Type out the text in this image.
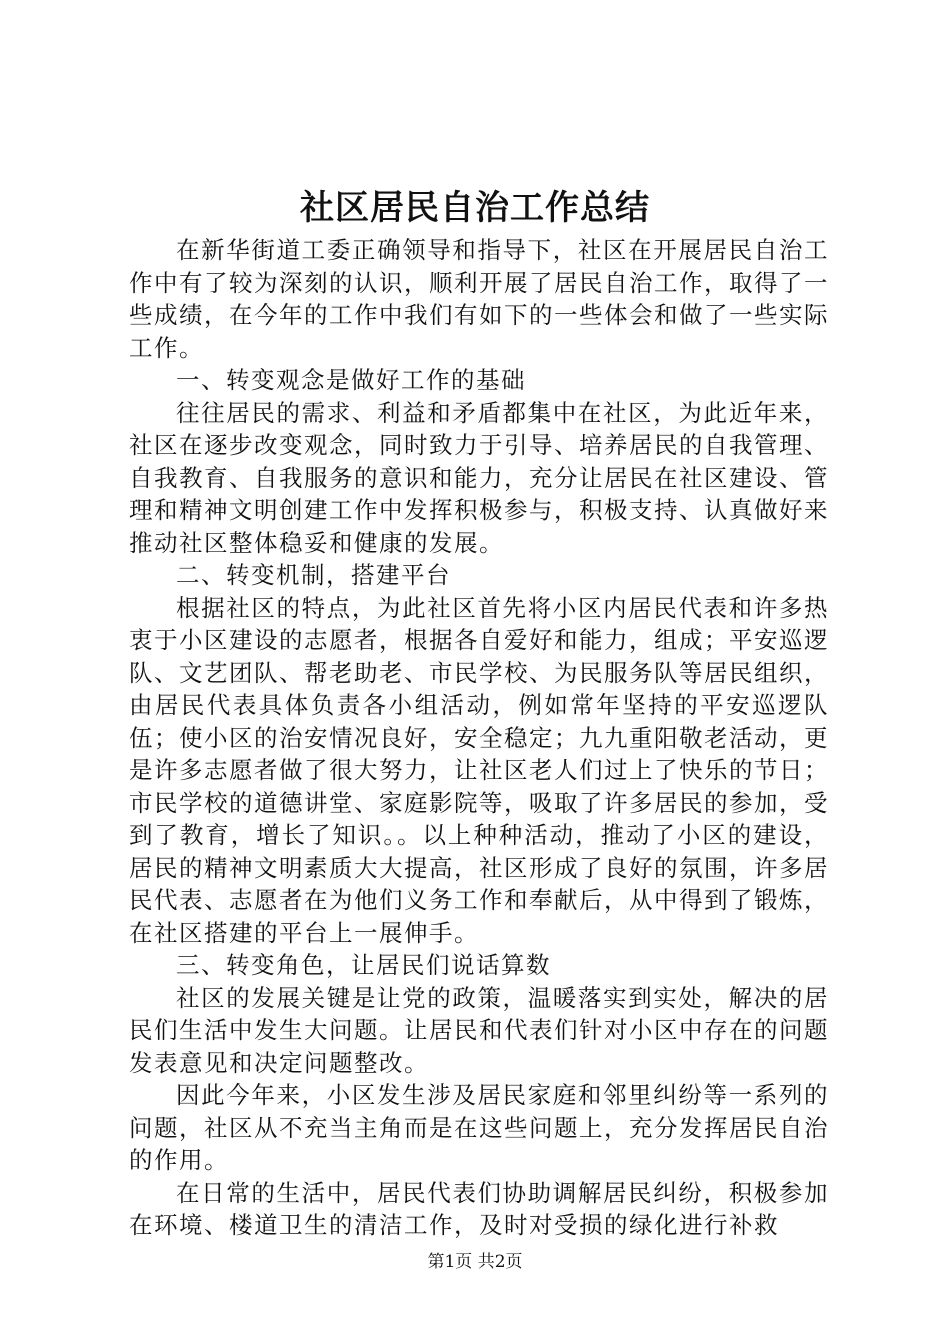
社区居民自治工作总结

在新华街道工委正确领导和指导下，社区在开展居民自治工作中有了较为深刻的认识，顺利开展了居民自治工作，取得了一些成绩，在今年的工作中我们有如下的一些体会和做了一些实际工作。

一、转变观念是做好工作的基础

往往居民的需求、利益和矛盾都集中在社区，为此近年来，社区在逐步改变观念，同时致力于引导、培养居民的自我管理、自我教育、自我服务的意识和能力，充分让居民在社区建设、管理和精神文明创建工作中发挥积极参与，积极支持、认真做好来推动社区整体稳妥和健康的发展。

二、转变机制，搭建平台

根据社区的特点，为此社区首先将小区内居民代表和许多热衷于小区建设的志愿者，根据各自爱好和能力，组成；平安巡逻队、文艺团队、帮老助老、市民学校、为民服务队等居民组织，由居民代表具体负责各小组活动，例如常年坚持的平安巡逻队伍；使小区的治安情况良好，安全稳定；九九重阳敬老活动，更是许多志愿者做了很大努力，让社区老人们过上了快乐的节日；市民学校的道德讲堂、家庭影院等，吸取了许多居民的参加，受到了教育，增长了知识。。以上种种活动，推动了小区的建设，居民的精神文明素质大大提高，社区形成了良好的氛围，许多居民代表、志愿者在为他们义务工作和奉献后，从中得到了锻炼，在社区搭建的平台上一展伸手。

三、转变角色，让居民们说话算数

社区的发展关键是让党的政策，温暖落实到实处，解决的居民们生活中发生大问题。让居民和代表们针对小区中存在的问题发表意见和决定问题整改。

因此今年来，小区发生涉及居民家庭和邻里纠纷等一系列的问题，社区从不充当主角而是在这些问题上，充分发挥居民自治的作用。

在日常的生活中，居民代表们协助调解居民纠纷，积极参加在环境、楼道卫生的清洁工作，及时对受损的绿化进行补救

第1页 共2页
